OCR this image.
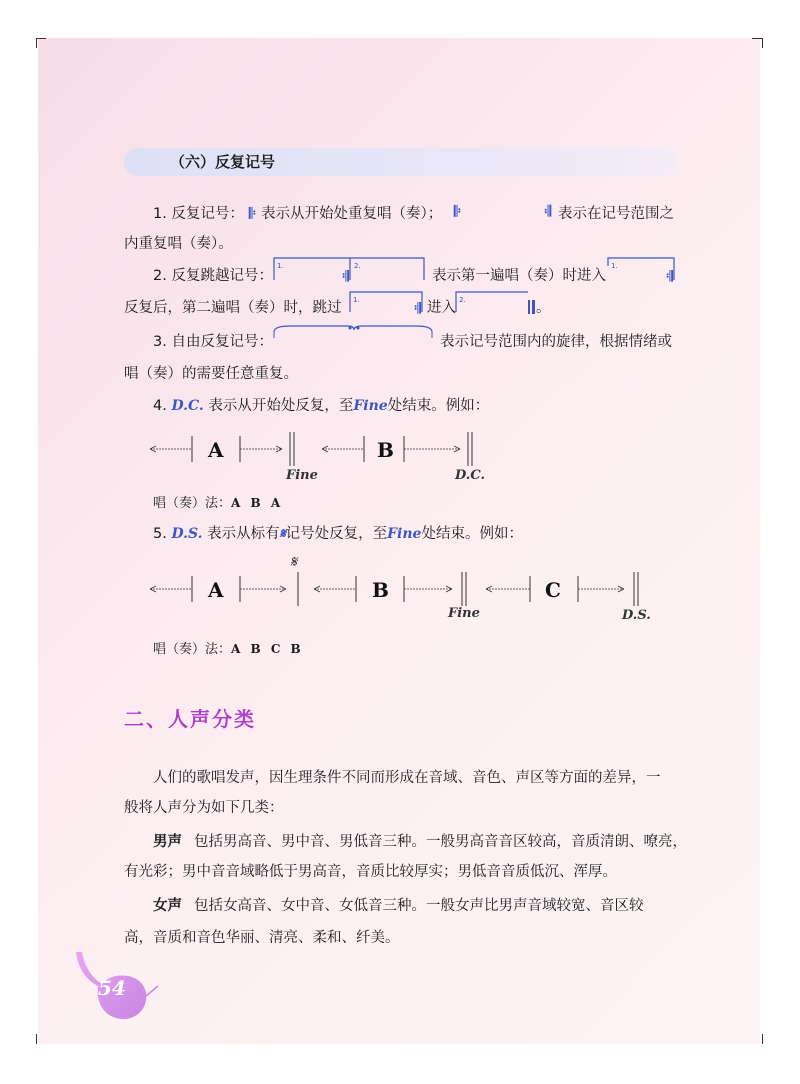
（六）反复记号
1. 反复记号： 𝄆 表示从开始处重复唱（奏）； 𝄆	𝄇 表示在记号范围之
内重复唱（奏）。
2. 反复跳越记号：
1.	2.
𝄇	表示第一遍唱（奏）时进入
1.
𝄇
反复后，第二遍唱（奏）时，跳过 1.
𝄇 进入 2.	。
3. 自由反复记号：	表示记号范围内的旋律，根据情绪或
唱（奏）的需要任意重复。
4. D.C. 表示从开始处反复，至Fine处结束。例如：
A	B
Fine	D.C.
唱（奏）法：A B A
5. D.S. 表示从标有𝄋记号处反复，至Fine处结束。例如：
𝄋
A	B	C
Fine	D.S.
唱（奏）法：A B C B
二、人声分类
人们的歌唱发声，因生理条件不同而形成在音域、音色、声区等方面的差异，一
般将人声分为如下几类：
男声 包括男高音、男中音、男低音三种。一般男高音音区较高，音质清朗、嘹亮，
有光彩；男中音音域略低于男高音，音质比较厚实；男低音音质低沉、浑厚。
女声 包括女高音、女中音、女低音三种。一般女声比男声音域较宽、音区较
高，音质和音色华丽、清亮、柔和、纤美。
54
